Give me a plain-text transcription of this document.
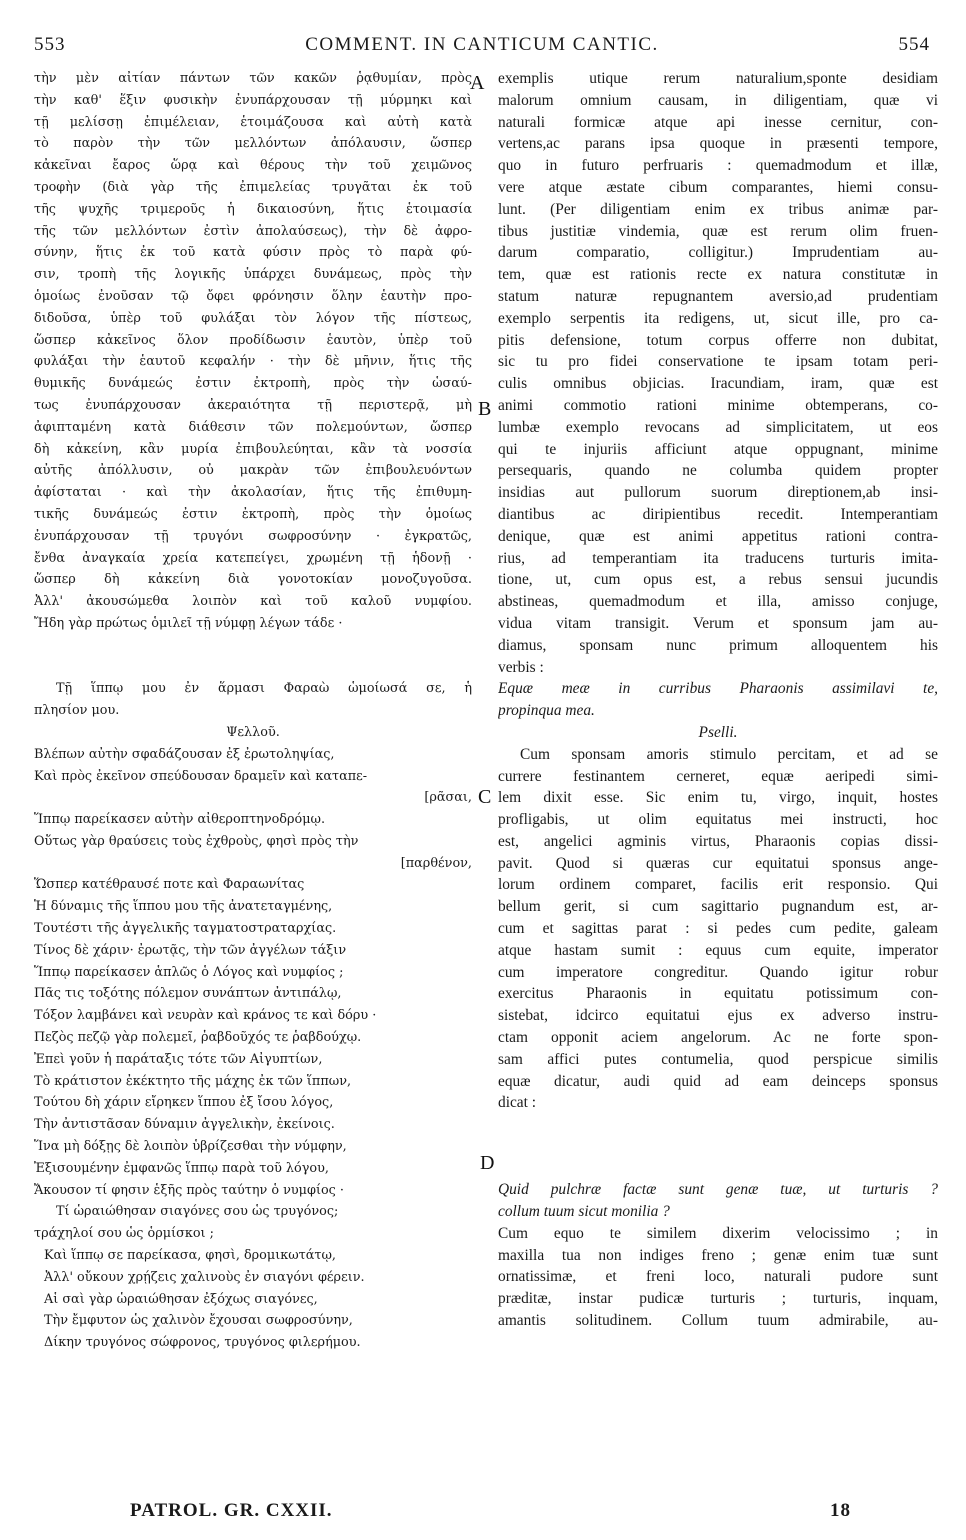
553	COMMENT. IN CANTICUM CANTIC.	554
A
B
C
D
τὴν μὲν αἰτίαν πάντων τῶν κακῶν ῥᾳθυμίαν, πρὸς
τὴν καθ' ἕξιν φυσικὴν ἐνυπάρχουσαν τῇ μύρμηκι καὶ
τῇ μελίσσῃ ἐπιμέλειαν, ἑτοιμάζουσα καὶ αὐτὴ κατὰ
τὸ παρὸν τὴν τῶν μελλόντων ἀπόλαυσιν, ὥσπερ
κἀκεῖναι ἔαρος ὥρᾳ καὶ θέρους τὴν τοῦ χειμῶνος
τροφὴν (διὰ γὰρ τῆς ἐπιμελείας τρυγᾶται ἐκ τοῦ
τῆς ψυχῆς τριμεροῦς ἡ δικαιοσύνη, ἥτις ἑτοιμασία
τῆς τῶν μελλόντων ἐστὶν ἀπολαύσεως), τὴν δὲ ἀφρο-
σύνην, ἥτις ἐκ τοῦ κατὰ φύσιν πρὸς τὸ παρὰ φύ-
σιν, τροπὴ τῆς λογικῆς ὑπάρχει δυνάμεως, πρὸς τὴν
ὁμοίως ἐνοῦσαν τῷ ὄφει φρόνησιν ὅλην ἑαυτὴν προ-
διδοῦσα, ὑπὲρ τοῦ φυλάξαι τὸν λόγον τῆς πίστεως,
ὥσπερ κἀκεῖνος ὅλον προδίδωσιν ἑαυτὸν, ὑπὲρ τοῦ
φυλάξαι τὴν ἑαυτοῦ κεφαλήν · τὴν δὲ μῆνιν, ἥτις τῆς
θυμικῆς δυνάμεώς ἐστιν ἐκτροπὴ, πρὸς τὴν ὡσαύ-
τως ἐνυπάρχουσαν ἀκεραιότητα τῇ περιστερᾷ, μὴ
ἀφιπταμένη κατὰ διάθεσιν τῶν πολεμούντων, ὥσπερ
δὴ κἀκείνη, κἂν μυρία ἐπιβουλεύηται, κἂν τὰ νοσσία
αὐτῆς ἀπόλλυσιν, οὐ μακρὰν τῶν ἐπιβουλευόντων
ἀφίσταται · καὶ τὴν ἀκολασίαν, ἥτις τῆς ἐπιθυμη-
τικῆς δυνάμεώς ἐστιν ἐκτροπὴ, πρὸς τὴν ὁμοίως
ἐνυπάρχουσαν τῇ τρυγόνι σωφροσύνην · ἐγκρατῶς,
ἔνθα ἀναγκαία χρεία κατεπείγει, χρωμένη τῇ ἡδονῇ ·
ὥσπερ δὴ κἀκείνη διὰ γονοτοκίαν μονοζυγοῦσα.
Ἀλλ' ἀκουσώμεθα λοιπὸν καὶ τοῦ καλοῦ νυμφίου.
Ἤδη γὰρ πρώτως ὁμιλεῖ τῇ νύμφῃ λέγων τάδε ·
Τῇ ἵππῳ μου ἐν ἅρμασι Φαραὼ ὡμοίωσά σε, ἡ
πλησίον μου.
Ψελλοῦ.
Βλέπων αὐτὴν σφαδάζουσαν ἐξ ἐρωτοληψίας,
Καὶ πρὸς ἐκεῖνον σπεύδουσαν δραμεῖν καὶ καταπε-
[ρᾶσαι,
Ἵππῳ παρείκασεν αὐτὴν αἰθεροπτηνοδρόμῳ.
Οὕτως γὰρ θραύσεις τοὺς ἐχθροὺς, φησὶ πρὸς τὴν
[παρθένον,
Ὥσπερ κατέθραυσέ ποτε καὶ Φαραωνίτας
Ἡ δύναμις τῆς ἵππου μου τῆς ἀνατεταγμένης,
Τουτέστι τῆς ἀγγελικῆς ταγματοστραταρχίας.
Τίνος δὲ χάριν· ἐρωτᾷς, τὴν τῶν ἀγγέλων τάξιν
Ἵππῳ παρείκασεν ἁπλῶς ὁ Λόγος καὶ νυμφίος ;
Πᾶς τις τοξότης πόλεμον συνάπτων ἀντιπάλῳ,
Τόξον λαμβάνει καὶ νευρὰν καὶ κράνος τε καὶ δόρυ ·
Πεζὸς πεζῷ γὰρ πολεμεῖ, ῥαβδοῦχός τε ῥαβδούχῳ.
Ἐπεὶ γοῦν ἡ παράταξις τότε τῶν Αἰγυπτίων,
Τὸ κράτιστον ἐκέκτητο τῆς μάχης ἐκ τῶν ἵππων,
Τούτου δὴ χάριν εἴρηκεν ἵππου ἐξ ἴσου λόγος,
Τὴν ἀντιστᾶσαν δύναμιν ἀγγελικὴν, ἐκείνοις.
Ἵνα μὴ δόξῃς δὲ λοιπὸν ὑβρίζεσθαι τὴν νύμφην,
Ἐξισουμένην ἐμφανῶς ἵππῳ παρὰ τοῦ λόγου,
Ἄκουσον τί φησιν ἑξῆς πρὸς ταύτην ὁ νυμφίος ·
Τί ὡραιώθησαν σιαγόνες σου ὡς τρυγόνος;
τράχηλοί σου ὡς ὁρμίσκοι ;
Καὶ ἵππῳ σε παρείκασα, φησὶ, δρομικωτάτῳ,
Ἀλλ' οὔκουν χρῄζεις χαλινοὺς ἐν σιαγόνι φέρειν.
Αἱ σαὶ γὰρ ὡραιώθησαν ἐξόχως σιαγόνες,
Τὴν ἔμφυτον ὡς χαλινὸν ἔχουσαι σωφροσύνην,
Δίκην τρυγόνος σώφρονος, τρυγόνος φιλερήμου.
exemplis utique rerum naturalium,sponte desidiam
malorum omnium causam, in diligentiam, quæ vi
naturali formicæ atque api inesse cernitur, con-
vertens,ac parans ipsa quoque in præsenti tempore,
quo in futuro perfruaris : quemadmodum et illæ,
vere atque æstate cibum comparantes, hiemi consu-
lunt. (Per diligentiam enim ex tribus animæ par-
tibus justitiæ vindemia, quæ est rerum olim fruen-
darum comparatio, colligitur.) Imprudentiam au-
tem, quæ est rationis recte ex natura constitutæ in
statum naturæ repugnantem aversio,ad prudentiam
exemplo serpentis ita redigens, ut, sicut ille, pro ca-
pitis defensione, totum corpus offerre non dubitat,
sic tu pro fidei conservatione te ipsam totam peri-
culis omnibus objicias. Iracundiam, iram, quæ est
animi commotio rationi minime obtemperans, co-
lumbæ exemplo revocans ad simplicitatem, ut eos
qui te injuriis afficiunt atque oppugnant, minime
persequaris, quando ne columba quidem propter
insidias aut pullorum suorum direptionem,ab insi-
diantibus ac diripientibus recedit. Intemperantiam
denique, quæ est animi appetitus rationi contra-
rius, ad temperantiam ita traducens turturis imita-
tione, ut, cum opus est, a rebus sensui jucundis
abstineas, quemadmodum et illa, amisso conjuge,
vidua vitam transigit. Verum et sponsum jam au-
diamus, sponsam nunc primum alloquentem his
verbis :
Equæ meæ in curribus Pharaonis assimilavi te,
propinqua mea.
Pselli.
Cum sponsam amoris stimulo percitam, et ad se
currere festinantem cerneret, equæ aeripedi simi-
lem dixit esse. Sic enim tu, virgo, inquit, hostes
profligabis, ut olim equitatus mei instructi, hoc
est, angelici agminis virtus, Pharaonis copias dissi-
pavit. Quod si quæras cur equitatui sponsus ange-
lorum ordinem comparet, facilis erit responsio. Qui
bellum gerit, si cum sagittario pugnandum est, ar-
cum et sagittas parat : si pedes cum pedite, galeam
atque hastam sumit : equus cum equite, imperator
cum imperatore congreditur. Quando igitur robur
exercitus Pharaonis in equitatu potissimum con-
sistebat, idcirco equitatui ejus ex adverso instru-
ctam opponit aciem angelorum. Ac ne forte spon-
sam affici putes contumelia, quod perspicue similis
equæ dicatur, audi quid ad eam deinceps sponsus
dicat :
Quid pulchræ factæ sunt genæ tuæ, ut turturis ?
collum tuum sicut monilia ?
Cum equo te similem dixerim velocissimo ; in
maxilla tua non indiges freno ; genæ enim tuæ sunt
ornatissimæ, et freni loco, naturali pudore sunt
præditæ, instar pudicæ turturis ; turturis, inquam,
amantis solitudinem. Collum tuum admirabile, au-
PATROL. GR. CXXII.	18
